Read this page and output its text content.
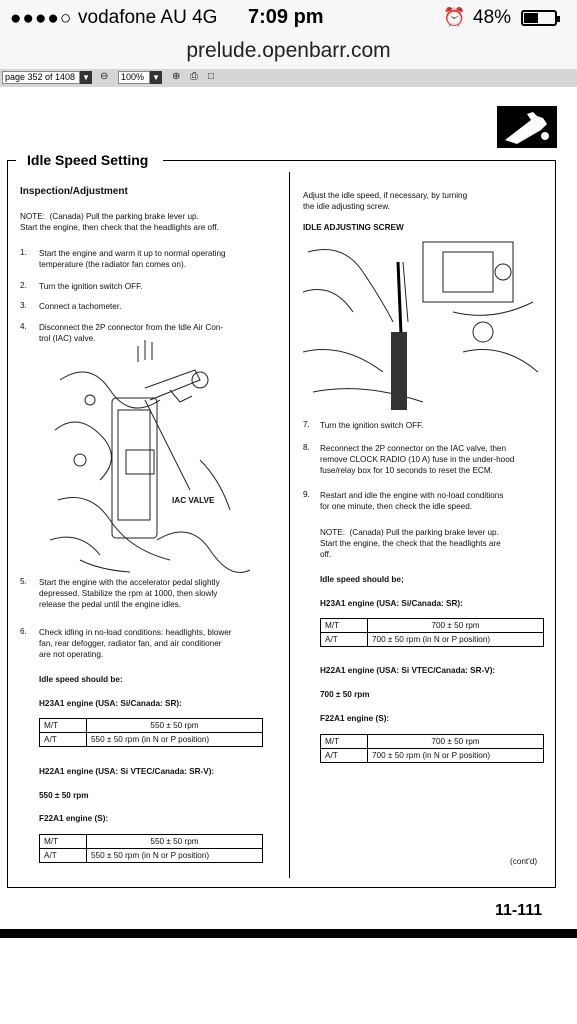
●●●●○ vodafone AU 4G 7:09 pm	⏰ 48%
prelude.openbarr.com
page 352 of 1408 ▼ ⊖	100%	▼ ⊕ ⎙ □
Idle Speed Setting
Inspection/Adjustment
NOTE:  (Canada) Pull the parking brake lever up.
Start the engine, then check that the headlights are off.
1. Start the engine and warm it up to normal operating
temperature (the radiator fan comes on).
2. Turn the ignition switch OFF.
3. Connect a tachometer.
4. Disconnect the 2P connector from the Idle Air Con-
trol (IAC) valve.
IAC VALVE
5. Start the engine with the accelerator pedal slightly
depressed. Stabilize the rpm at 1000, then slowly
release the pedal until the engine idles.
6. Check idling in no-load conditions: headlights, blower
fan, rear defogger, radiator fan, and air conditioner
are not operating.
Idle speed should be:
H23A1 engine (USA: Si/Canada: SR):
M/T	550 ± 50 rpm
A/T	550 ± 50 rpm (in N or P position)
H22A1 engine (USA: Si VTEC/Canada: SR-V):
550 ± 50 rpm
F22A1 engine (S):
M/T	550 ± 50 rpm
A/T	550 ± 50 rpm (in N or P position)
Adjust the idle speed, if necessary, by turning
the idle adjusting screw.
IDLE ADJUSTING SCREW
7. Turn the ignition switch OFF.
8. Reconnect the 2P connector on the IAC valve, then
remove CLOCK RADIO (10 A) fuse in the under-hood
fuse/relay box for 10 seconds to reset the ECM.
9. Restart and idle the engine with no-load conditions
for one minute, then check the idle speed.
NOTE:  (Canada) Pull the parking brake lever up.
Start the engine, the check that the headlights are
off.
Idle speed should be;
H23A1 engine (USA: Si/Canada: SR):
M/T	700 ± 50 rpm
A/T	700 ± 50 rpm (in N or P position)
H22A1 engine (USA: Si VTEC/Canada: SR-V):
700 ± 50 rpm
F22A1 engine (S):
M/T	700 ± 50 rpm
A/T	700 ± 50 rpm (in N or P position)
(cont'd)
11-111
